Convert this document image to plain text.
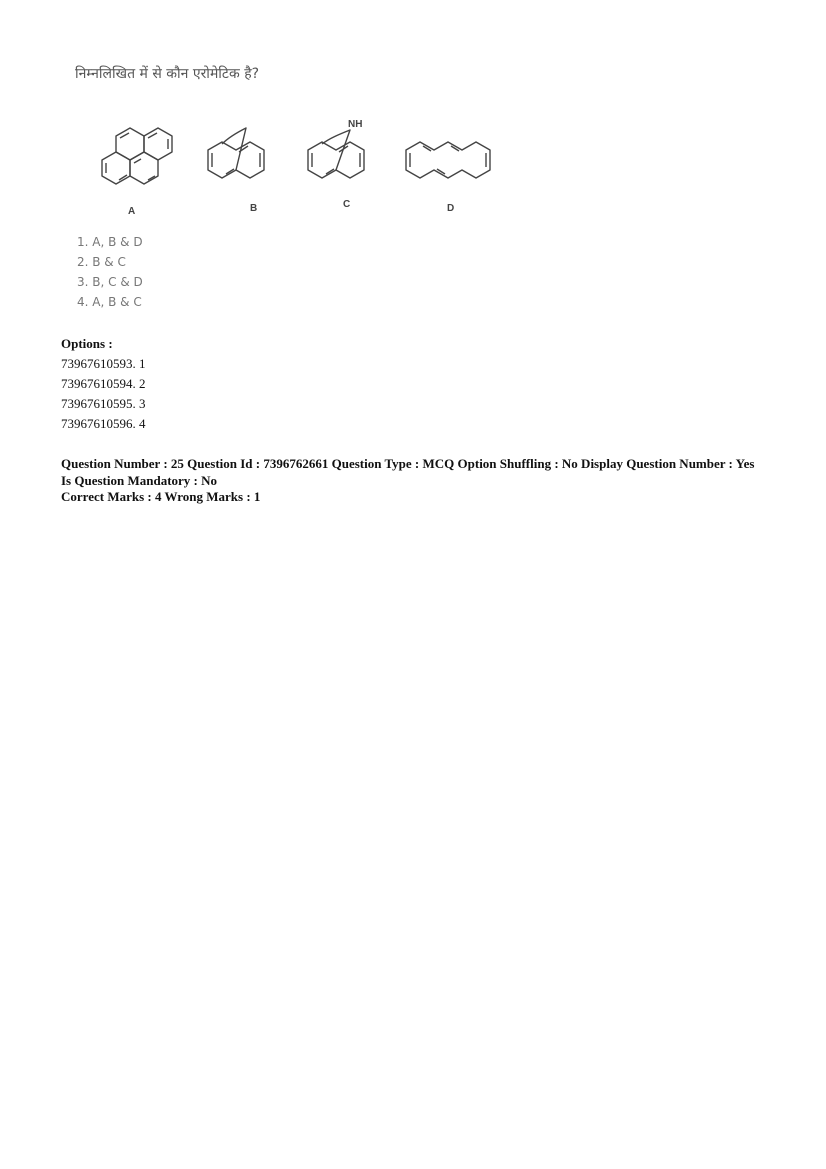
निम्नलिखित में से कौन एरोमेटिक है?
A	B	C
NH
D
1. A, B & D
2. B & C
3. B, C & D
4. A, B & C
Options :
73967610593. 1
73967610594. 2
73967610595. 3
73967610596. 4
Question Number : 25 Question Id : 7396762661 Question Type : MCQ Option Shuffling : No Display Question Number : Yes
Is Question Mandatory : No
Correct Marks : 4 Wrong Marks : 1
